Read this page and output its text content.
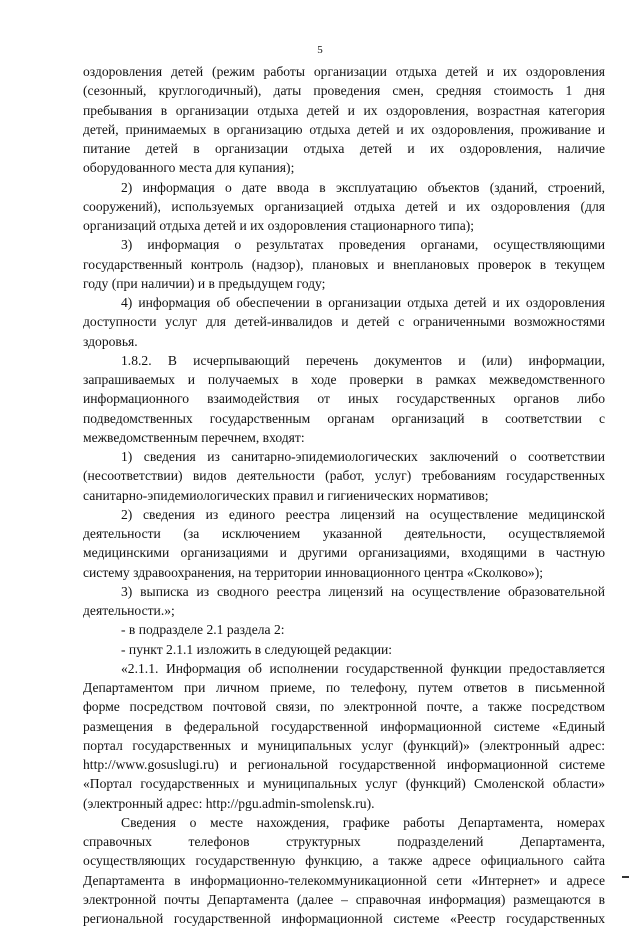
5
оздоровления детей (режим работы организации отдыха детей и их оздоровления
(сезонный, круглогодичный), даты проведения смен, средняя стоимость 1 дня
пребывания в организации отдыха детей и их оздоровления, возрастная категория
детей, принимаемых в организацию отдыха детей и их оздоровления, проживание и
питание детей в организации отдыха детей и их оздоровления, наличие
оборудованного места для купания);
2) информация о дате ввода в эксплуатацию объектов (зданий, строений,
сооружений), используемых организацией отдыха детей и их оздоровления (для
организаций отдыха детей и их оздоровления стационарного типа);
3) информация о результатах проведения органами, осуществляющими
государственный контроль (надзор), плановых и внеплановых проверок в текущем
году (при наличии) и в предыдущем году;
4) информация об обеспечении в организации отдыха детей и их оздоровления
доступности услуг для детей-инвалидов и детей с ограниченными возможностями
здоровья.
1.8.2. В исчерпывающий перечень документов и (или) информации,
запрашиваемых и получаемых в ходе проверки в рамках межведомственного
информационного взаимодействия от иных государственных органов либо
подведомственных государственным органам организаций в соответствии с
межведомственным перечнем, входят:
1) сведения из санитарно-эпидемиологических заключений о соответствии
(несоответствии) видов деятельности (работ, услуг) требованиям государственных
санитарно-эпидемиологических правил и гигиенических нормативов;
2) сведения из единого реестра лицензий на осуществление медицинской
деятельности (за исключением указанной деятельности, осуществляемой
медицинскими организациями и другими организациями, входящими в частную
систему здравоохранения, на территории инновационного центра «Сколково»);
3) выписка из сводного реестра лицензий на осуществление образовательной
деятельности.»;
- в подразделе 2.1 раздела 2:
- пункт 2.1.1 изложить в следующей редакции:
«2.1.1. Информация об исполнении государственной функции предоставляется
Департаментом при личном приеме, по телефону, путем ответов в письменной
форме посредством почтовой связи, по электронной почте, а также посредством
размещения в федеральной государственной информационной системе «Единый
портал государственных и муниципальных услуг (функций)» (электронный адрес:
http://www.gosuslugi.ru) и региональной государственной информационной системе
«Портал государственных и муниципальных услуг (функций) Смоленской области»
(электронный адрес: http://pgu.admin-smolensk.ru).
Сведения о месте нахождения, графике работы Департамента, номерах
справочных телефонов структурных подразделений Департамента,
осуществляющих государственную функцию, а также адресе официального сайта
Департамента в информационно-телекоммуникационной сети «Интернет» и адресе
электронной почты Департамента (далее – справочная информация) размещаются в
региональной государственной информационной системе «Реестр государственных
